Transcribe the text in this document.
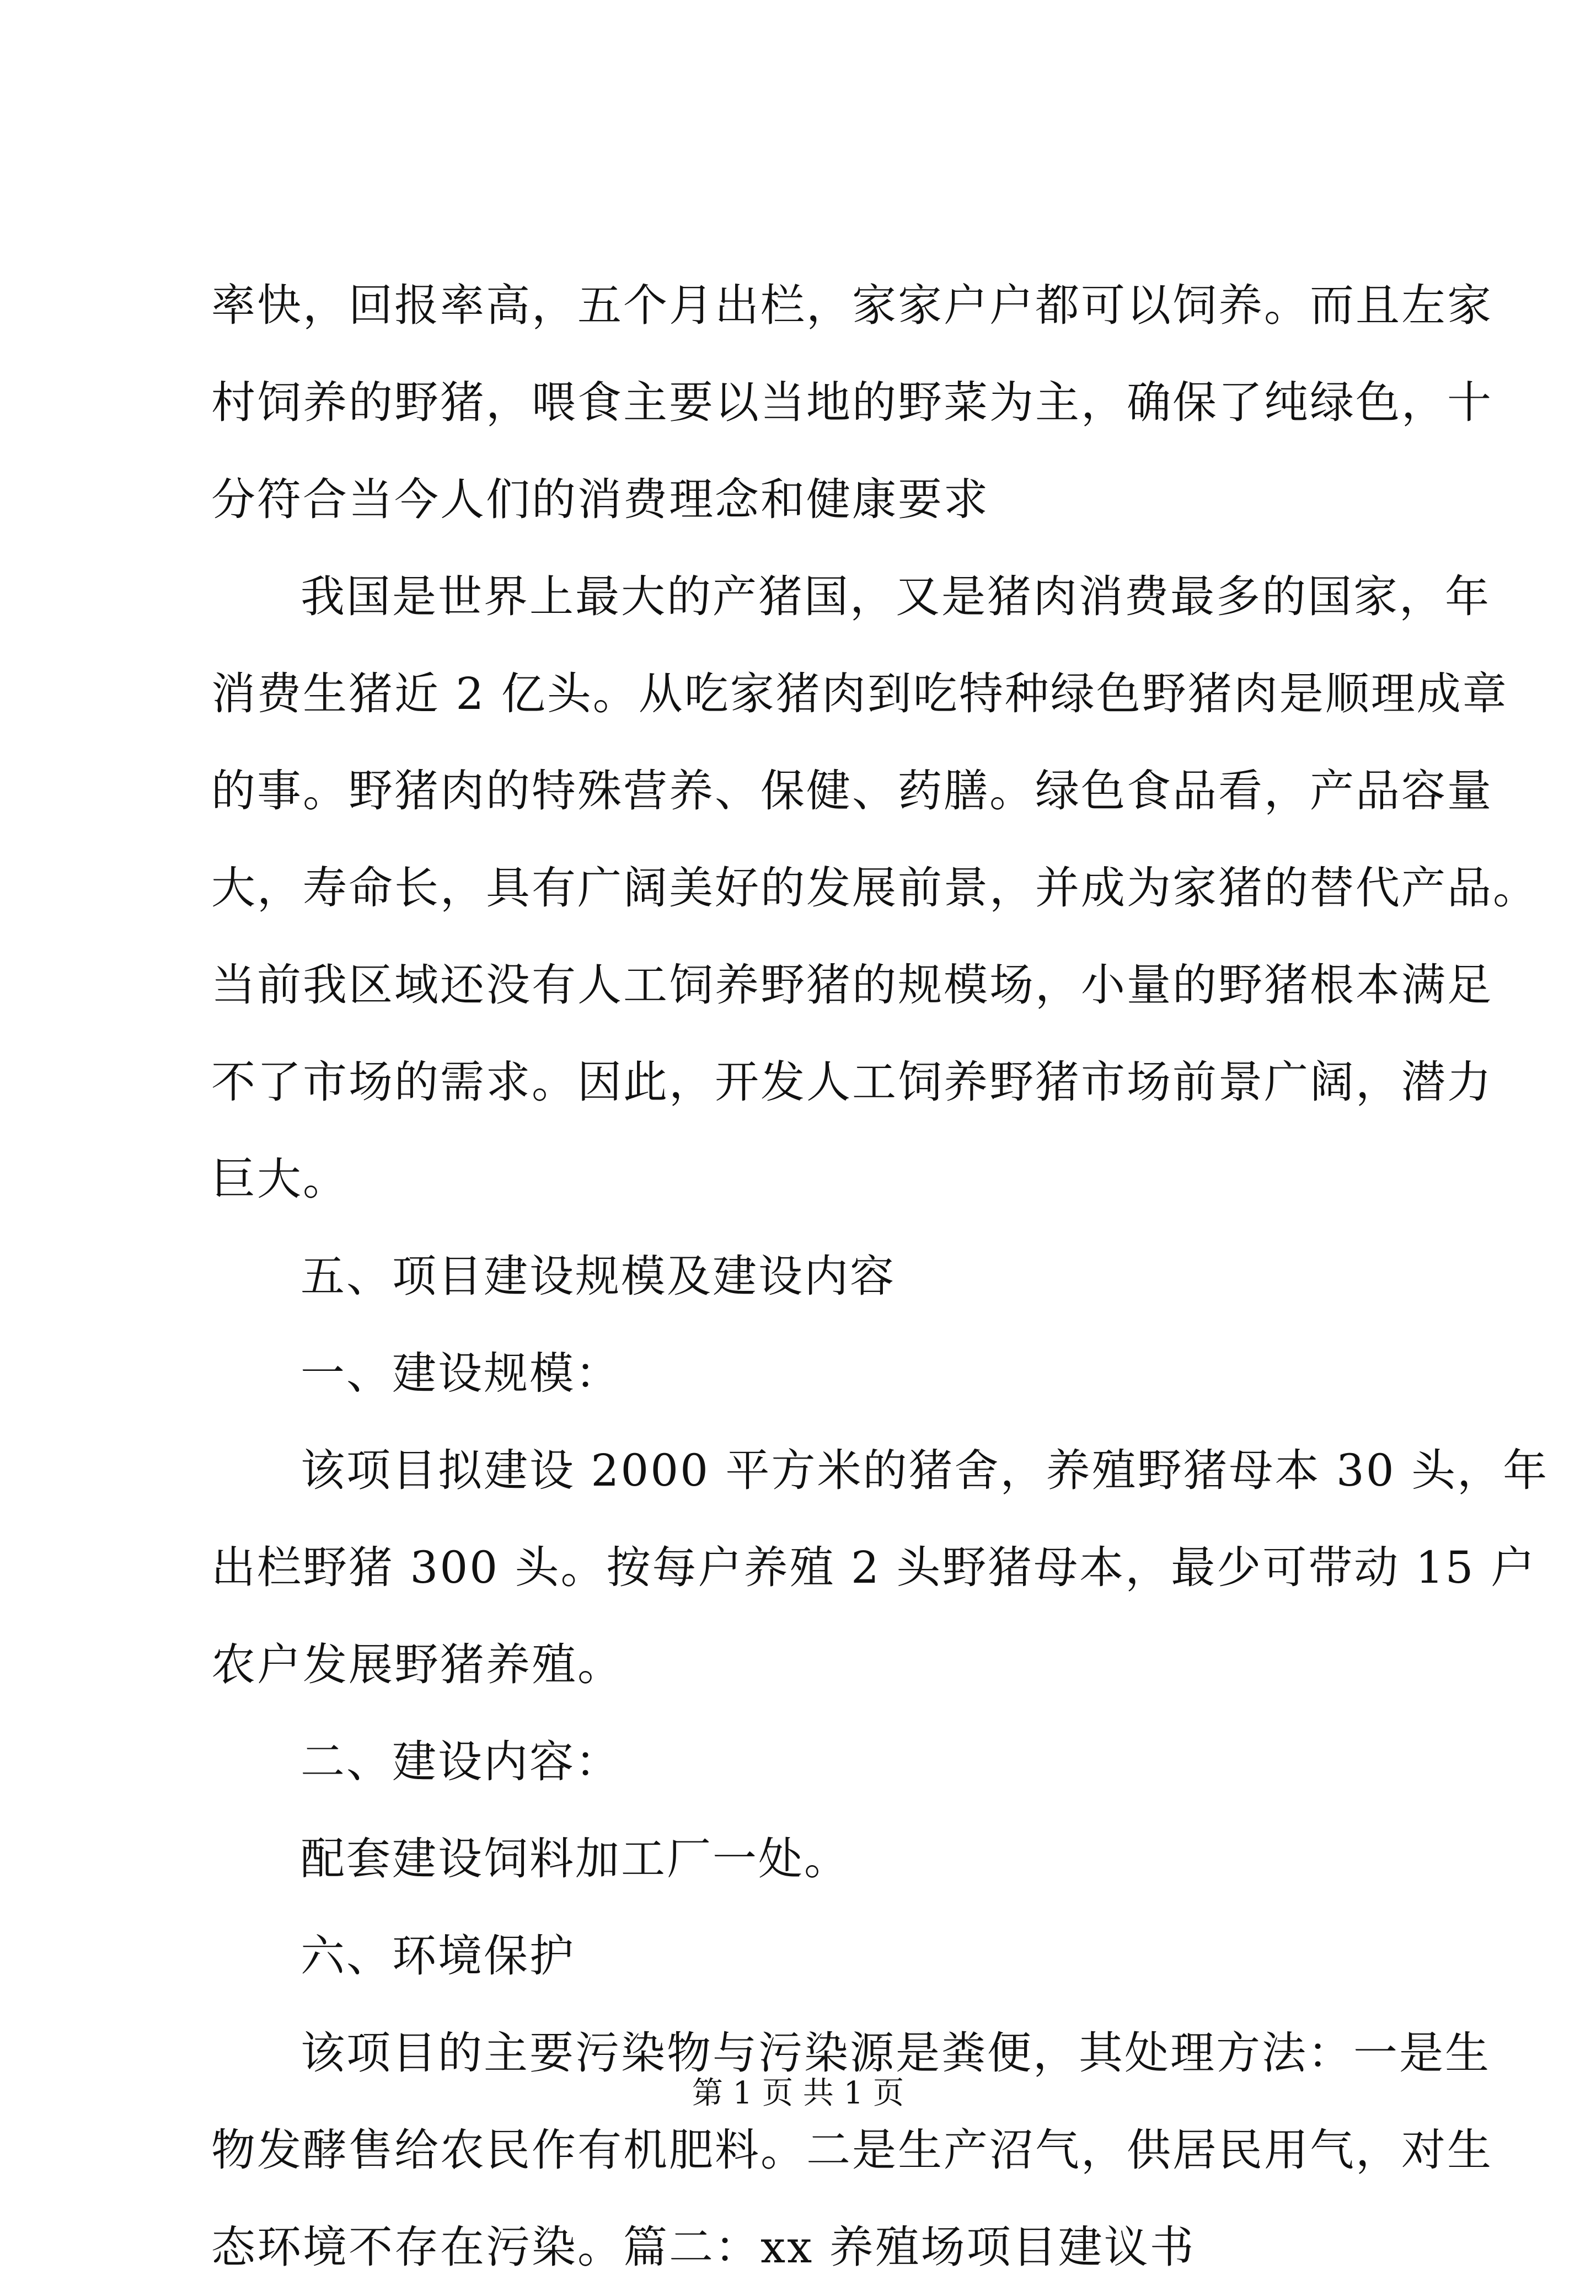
率快，回报率高，五个月出栏，家家户户都可以饲养。而且左家
村饲养的野猪，喂食主要以当地的野菜为主，确保了纯绿色，十
分符合当今人们的消费理念和健康要求
我国是世界上最大的产猪国，又是猪肉消费最多的国家，年
消费生猪近 2 亿头。从吃家猪肉到吃特种绿色野猪肉是顺理成章
的事。野猪肉的特殊营养、保健、药膳。绿色食品看，产品容量
大，寿命长，具有广阔美好的发展前景，并成为家猪的替代产品。
当前我区域还没有人工饲养野猪的规模场，小量的野猪根本满足
不了市场的需求。因此，开发人工饲养野猪市场前景广阔，潜力
巨大。
五、项目建设规模及建设内容
一、建设规模：
该项目拟建设 2000 平方米的猪舍，养殖野猪母本 30 头，年
出栏野猪 300 头。按每户养殖 2 头野猪母本，最少可带动 15 户
农户发展野猪养殖。
二、建设内容：
配套建设饲料加工厂一处。
六、环境保护
该项目的主要污染物与污染源是粪便，其处理方法：一是生
物发酵售给农民作有机肥料。二是生产沼气，供居民用气，对生
态环境不存在污染。篇二：xx 养殖场项目建议书
第 1 页 共 1 页
